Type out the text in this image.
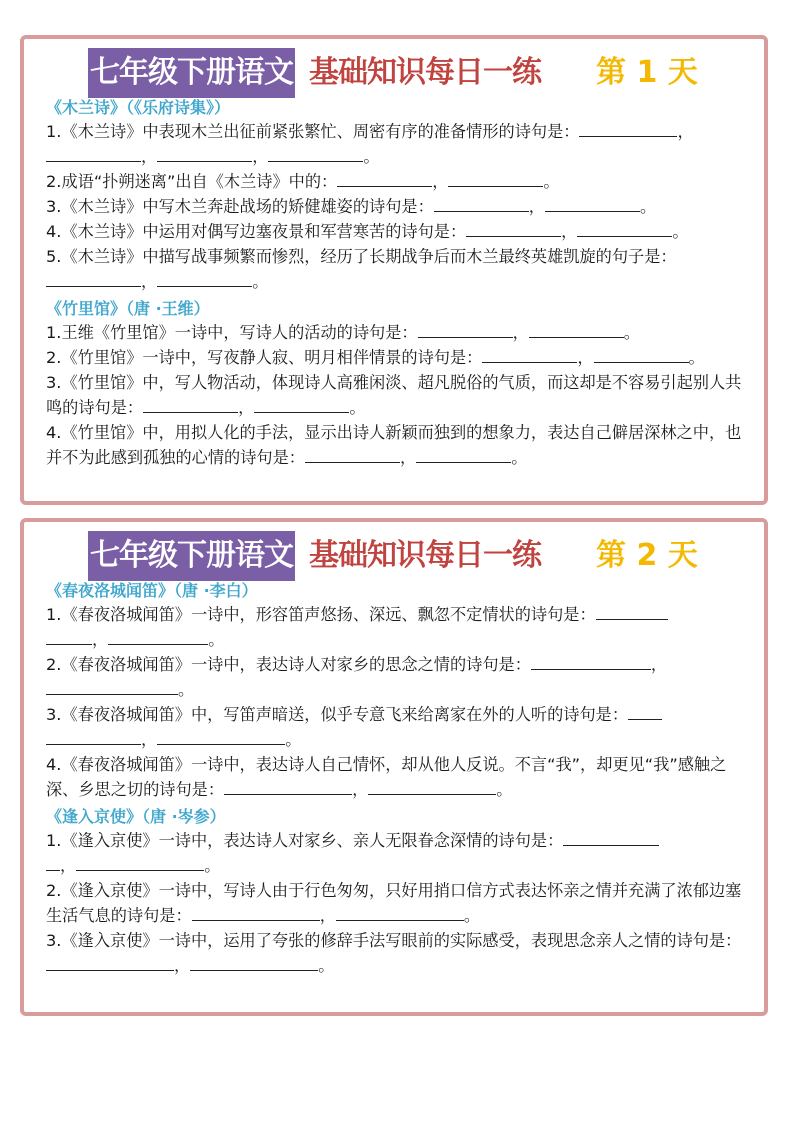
七年级下册语文 基础知识每日一练 第 1 天
《木兰诗》（《乐府诗集》）

1.《木兰诗》中表现木兰出征前紧张繁忙、周密有序的准备情形的诗句是：	，
，	，	。

2.成语“扑朔迷离”出自《木兰诗》中的：	，	。

3.《木兰诗》中写木兰奔赴战场的矫健雄姿的诗句是：	，	。

4.《木兰诗》中运用对偶写边塞夜景和军营寒苦的诗句是：	，	。

5.《木兰诗》中描写战事频繁而惨烈，经历了长期战争后而木兰最终英雄凯旋的句子是：
，	。

《竹里馆》（唐 ·王维）

1.王维《竹里馆》一诗中，写诗人的活动的诗句是：	，	。

2.《竹里馆》一诗中，写夜静人寂、明月相伴情景的诗句是：	，	。

3.《竹里馆》中，写人物活动，体现诗人高雅闲淡、超凡脱俗的气质，而这却是不容易引起别人共鸣的诗句是：	，	。

4.《竹里馆》中，用拟人化的手法，显示出诗人新颖而独到的想象力，表达自己僻居深林之中，也并不为此感到孤独的心情的诗句是：	，	。

七年级下册语文 基础知识每日一练 第 2 天
《春夜洛城闻笛》（唐 ·李白）

1.《春夜洛城闻笛》一诗中，形容笛声悠扬、深远、飘忽不定情状的诗句是：
，	。

2.《春夜洛城闻笛》一诗中，表达诗人对家乡的思念之情的诗句是：	，
。

3.《春夜洛城闻笛》中，写笛声暗送，似乎专意飞来给离家在外的人听的诗句是：
，	。

4.《春夜洛城闻笛》一诗中，表达诗人自己情怀，却从他人反说。不言“我”，却更见“我”感触之深、乡思之切的诗句是：	，	。

《逢入京使》（唐 ·岑参）

1.《逢入京使》一诗中，表达诗人对家乡、亲人无限眷念深情的诗句是：
，	。

2.《逢入京使》一诗中，写诗人由于行色匆匆，只好用捎口信方式表达怀亲之情并充满了浓郁边塞生活气息的诗句是：	，	。

3.《逢入京使》一诗中，运用了夸张的修辞手法写眼前的实际感受，表现思念亲人之情的诗句是：，	。
